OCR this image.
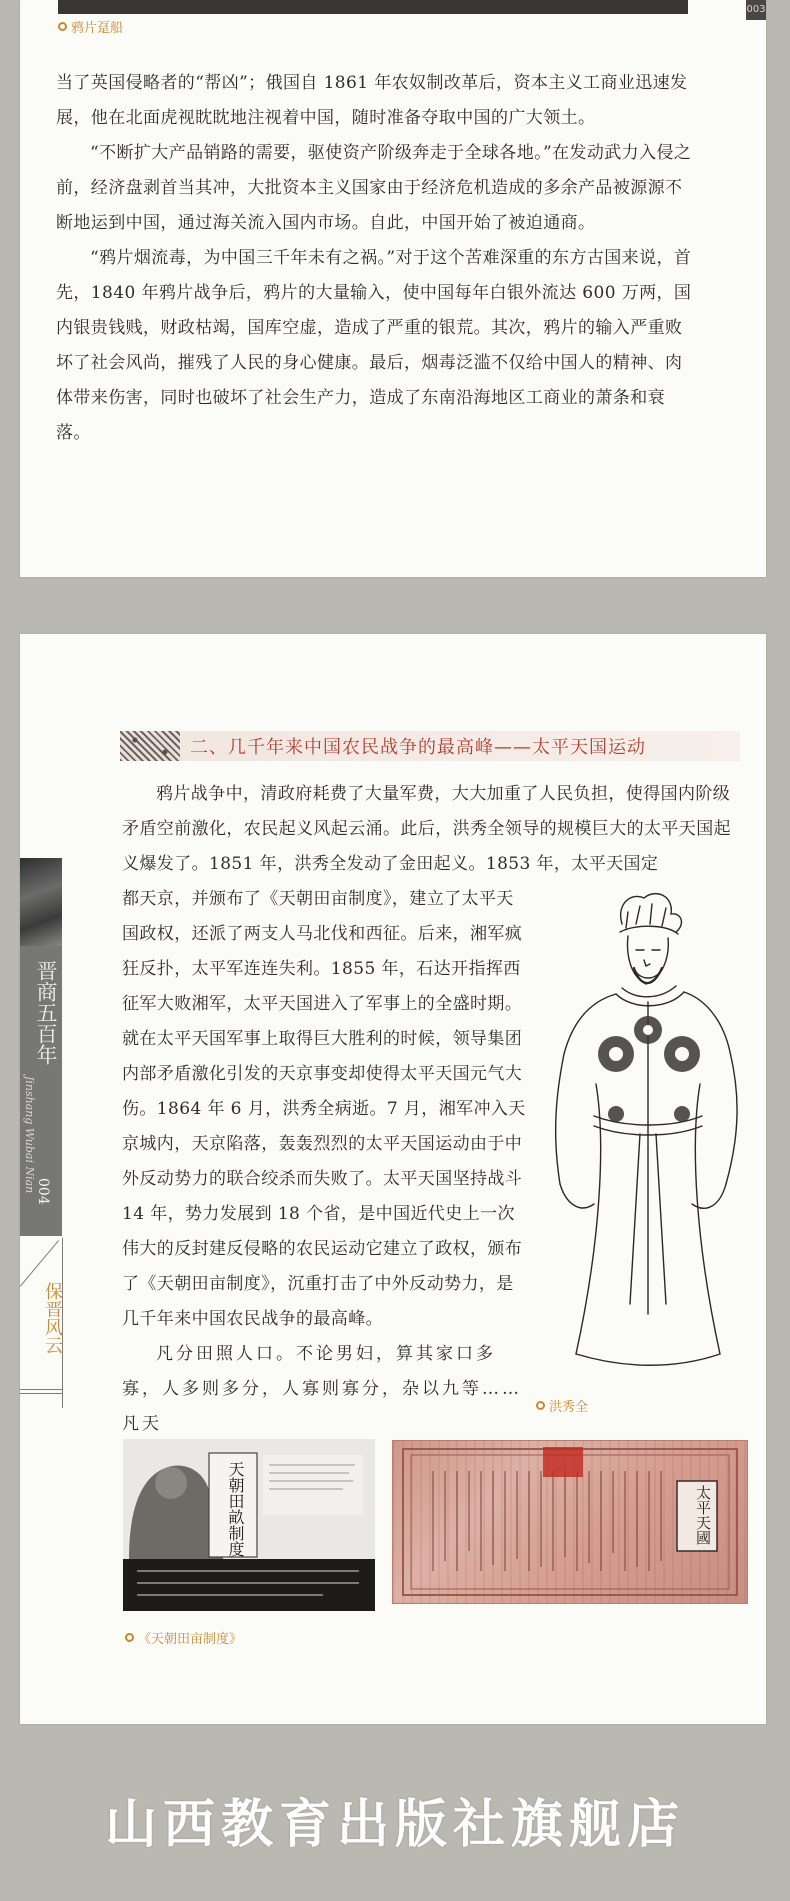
003
鸦片趸船

当了英国侵略者的“帮凶”；俄国自 1861 年农奴制改革后，资本主义工商业迅速发展，他在北面虎视眈眈地注视着中国，随时准备夺取中国的广大领土。

“不断扩大产品销路的需要，驱使资产阶级奔走于全球各地。”在发动武力入侵之前，经济盘剥首当其冲，大批资本主义国家由于经济危机造成的多余产品被源源不断地运到中国，通过海关流入国内市场。自此，中国开始了被迫通商。

“鸦片烟流毒，为中国三千年未有之祸。”对于这个苦难深重的东方古国来说，首先，1840 年鸦片战争后，鸦片的大量输入，使中国每年白银外流达 600 万两，国内银贵钱贱，财政枯竭，国库空虚，造成了严重的银荒。其次，鸦片的输入严重败坏了社会风尚，摧残了人民的身心健康。最后，烟毒泛滥不仅给中国人的精神、肉体带来伤害，同时也破坏了社会生产力，造成了东南沿海地区工商业的萧条和衰落。

二、几千年来中国农民战争的最高峰——太平天国运动
晋商五百年
Jinshang Wubai Nian 004
保晋风云

鸦片战争中，清政府耗费了大量军费，大大加重了人民负担，使得国内阶级矛盾空前激化，农民起义风起云涌。此后，洪秀全领导的规模巨大的太平天国起义爆发了。1851 年，洪秀全发动了金田起义。1853 年，太平天国定

都天京，并颁布了《天朝田亩制度》，建立了太平天国政权，还派了两支人马北伐和西征。后来，湘军疯狂反扑，太平军连连失利。1855 年，石达开指挥西征军大败湘军，太平天国进入了军事上的全盛时期。就在太平天国军事上取得巨大胜利的时候，领导集团内部矛盾激化引发的天京事变却使得太平天国元气大伤。1864 年 6 月，洪秀全病逝。7 月，湘军冲入天京城内，天京陷落，轰轰烈烈的太平天国运动由于中外反动势力的联合绞杀而失败了。太平天国坚持战斗 14 年，势力发展到 18 个省，是中国近代史上一次伟大的反封建反侵略的农民运动它建立了政权，颁布了《天朝田亩制度》，沉重打击了中外反动势力，是几千年来中国农民战争的最高峰。

凡分田照人口。不论男妇，算其家口多寡，人多则多分，人寡则寡分，杂以九等……凡天

洪秀全
天朝田畝制度	太平天國
《天朝田亩制度》
山西教育出版社旗舰店
